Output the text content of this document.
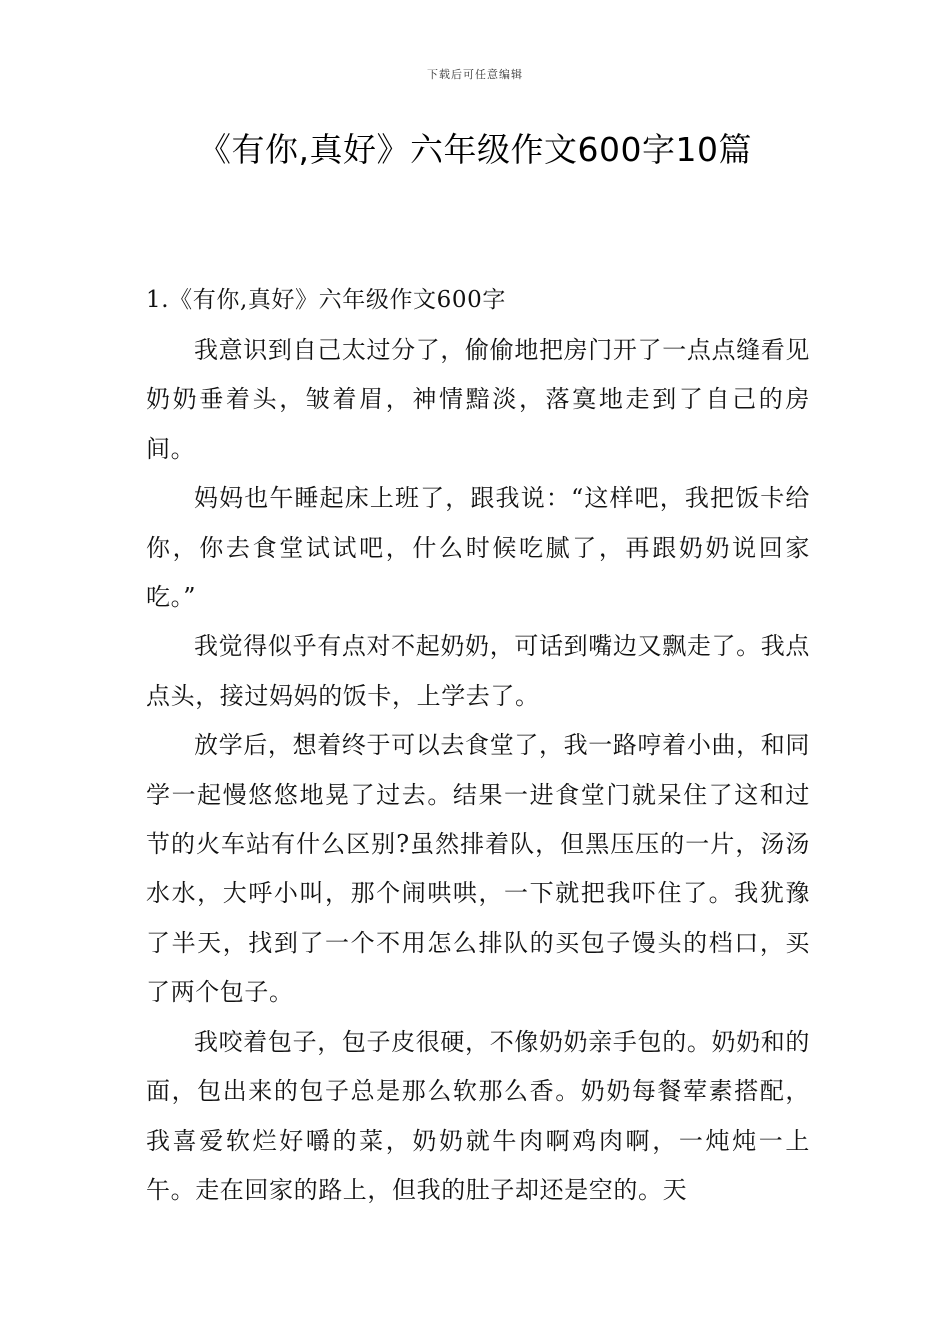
下载后可任意编辑
《有你,真好》六年级作文600字10篇
1.《有你,真好》六年级作文600字

我意识到自己太过分了，偷偷地把房门开了一点点缝看见奶奶垂着头，皱着眉，神情黯淡，落寞地走到了自己的房间。

妈妈也午睡起床上班了，跟我说：“这样吧，我把饭卡给你，你去食堂试试吧，什么时候吃腻了，再跟奶奶说回家吃。”

我觉得似乎有点对不起奶奶，可话到嘴边又飘走了。我点点头，接过妈妈的饭卡，上学去了。

放学后，想着终于可以去食堂了，我一路哼着小曲，和同学一起慢悠悠地晃了过去。结果一进食堂门就呆住了这和过节的火车站有什么区别?虽然排着队，但黑压压的一片，汤汤水水，大呼小叫，那个闹哄哄，一下就把我吓住了。我犹豫了半天，找到了一个不用怎么排队的买包子馒头的档口，买了两个包子。

我咬着包子，包子皮很硬，不像奶奶亲手包的。奶奶和的面，包出来的包子总是那么软那么香。奶奶每餐荤素搭配，我喜爱软烂好嚼的菜，奶奶就牛肉啊鸡肉啊，一炖炖一上午。走在回家的路上，但我的肚子却还是空的。天
